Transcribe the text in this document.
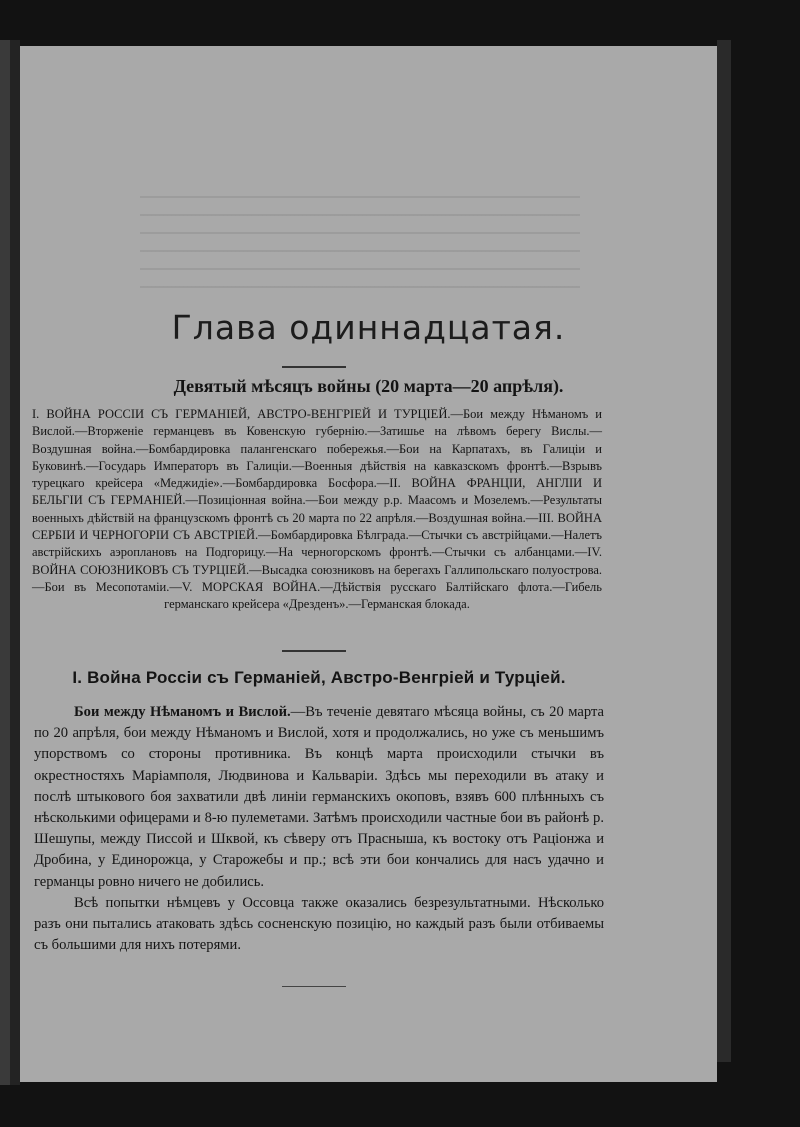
Глава одиннадцатая.
Девятый мѣсяцъ войны (20 марта—20 апрѣля).
I. ВОЙНА РОССIИ СЪ ГЕРМАНIЕЙ, АВСТРО-ВЕНГРIЕЙ И ТУРЦIЕЙ.—Бои между Нѣманомъ и Вислой.—Вторженiе германцевъ въ Ковенскую губернiю.—Затишье на лѣвомъ берегу Вислы.—Воздушная война.—Бомбардировка палангенскаго побережья.—Бои на Карпатахъ, въ Галицiи и Буковинѣ.—Государь Императоръ въ Галицiи.—Военныя дѣйствiя на кавказскомъ фронтѣ.—Взрывъ турецкаго крейсера «Меджидiе».—Бомбардировка Босфора.—II. ВОЙНА ФРАНЦIИ, АНГЛIИ И БЕЛЬГIИ СЪ ГЕРМАНIЕЙ.—Позицiонная война.—Бои между р.р. Маасомъ и Мозелемъ.—Результаты военныхъ дѣйствiй на французскомъ фронтѣ съ 20 марта по 22 апрѣля.—Воздушная война.—III. ВОЙНА СЕРБIИ И ЧЕРНОГОРIИ СЪ АВСТРIЕЙ.—Бомбардировка Бѣлграда.—Стычки съ австрiйцами.—Налетъ австрiйскихъ аэроплановъ на Подгорицу.—На черногорскомъ фронтѣ.—Стычки съ албанцами.—IV. ВОЙНА СОЮЗНИКОВЪ СЪ ТУРЦIЕЙ.—Высадка союзниковъ на берегахъ Галлипольскаго полуострова.—Бои въ Месопотамiи.—V. МОРСКАЯ ВОЙНА.—Дѣйствiя русскаго Балтiйскаго флота.—Гибель германскаго крейсера «Дрезденъ».—Германская блокада.
I. Война Россiи съ Германiей, Австро-Венгрiей и Турцiей.

Бои между Нѣманомъ и Вислой.—Въ теченiе девятаго мѣсяца войны, съ 20 марта по 20 апрѣля, бои между Нѣманомъ и Вислой, хотя и продолжались, но уже съ меньшимъ упорствомъ со стороны противника. Въ концѣ марта происходили стычки въ окрестностяхъ Марiамполя, Людвинова и Кальварiи. Здѣсь мы переходили въ атаку и послѣ штыкового боя захватили двѣ линiи германскихъ окоповъ, взявъ 600 плѣнныхъ съ нѣсколькими офицерами и 8-ю пулеметами. Затѣмъ происходили частные бои въ районѣ р. Шешупы, между Писсой и Шквой, къ сѣверу отъ Прасныша, къ востоку отъ Рацiонжа и Дробина, у Единорожца, у Старожебы и пр.; всѣ эти бои кончались для насъ удачно и германцы ровно ничего не добились.

Всѣ попытки нѣмцевъ у Оссовца также оказались безрезультатными. Нѣсколько разъ они пытались атаковать здѣсь сосненскую позицiю, но каждый разъ были отбиваемы съ большими для нихъ потерями.
